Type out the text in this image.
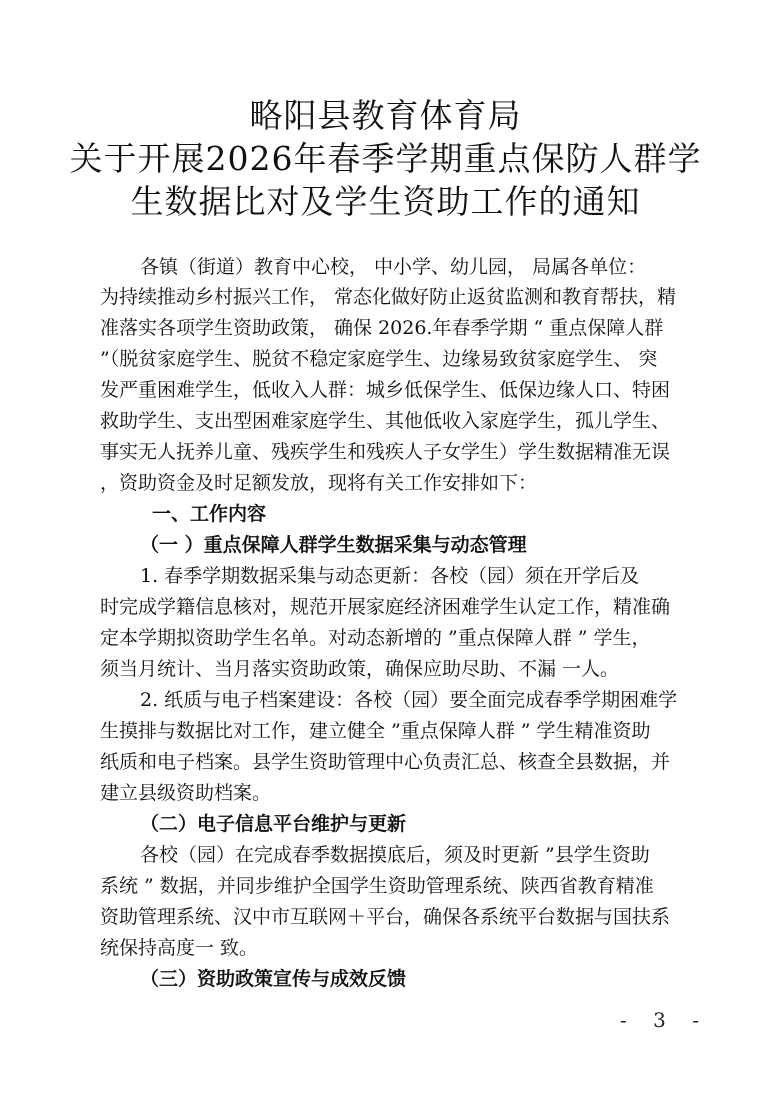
略阳县教育体育局
关于开展2026年春季学期重点保防人群学
生数据比对及学生资助工作的通知
各镇（街道）教育中心校， 中小学、幼儿园， 局属各单位：
为持续推动乡村振兴工作， 常态化做好防止返贫监测和教育帮扶，精
准落实各项学生资助政策， 确保 2026.年春季学期 “ 重点保障人群
”（脱贫家庭学生、脱贫不稳定家庭学生、边缘易致贫家庭学生、 突
发严重困难学生，低收入人群：城乡低保学生、低保边缘人口、特困
救助学生、支出型困难家庭学生、其他低收入家庭学生，孤儿学生、
事实无人抚养儿童、残疾学生和残疾人子女学生）学生数据精准无误
，资助资金及时足额发放，现将有关工作安排如下：
一、工作内容
（一 ）重点保障人群学生数据采集与动态管理
1. 春季学期数据采集与动态更新：各校（园）须在开学后及
时完成学籍信息核对，规范开展家庭经济困难学生认定工作，精准确
定本学期拟资助学生名单。对动态新增的 ”重点保障人群 ” 学生，
须当月统计、当月落实资助政策，确保应助尽助、不漏 一人。
2. 纸质与电子档案建设：各校（园）要全面完成春季学期困难学
生摸排与数据比对工作，建立健全 ”重点保障人群 ” 学生精准资助
纸质和电子档案。县学生资助管理中心负责汇总、核查全县数据，并
建立县级资助档案。
（二）电子信息平台维护与更新
各校（园）在完成春季数据摸底后，须及时更新 ”县学生资助
系统 ” 数据，并同步维护全国学生资助管理系统、陕西省教育精准
资助管理系统、汉中市互联网＋平台，确保各系统平台数据与国扶系
统保持高度一 致。
（三）资助政策宣传与成效反馈
- 3 -
